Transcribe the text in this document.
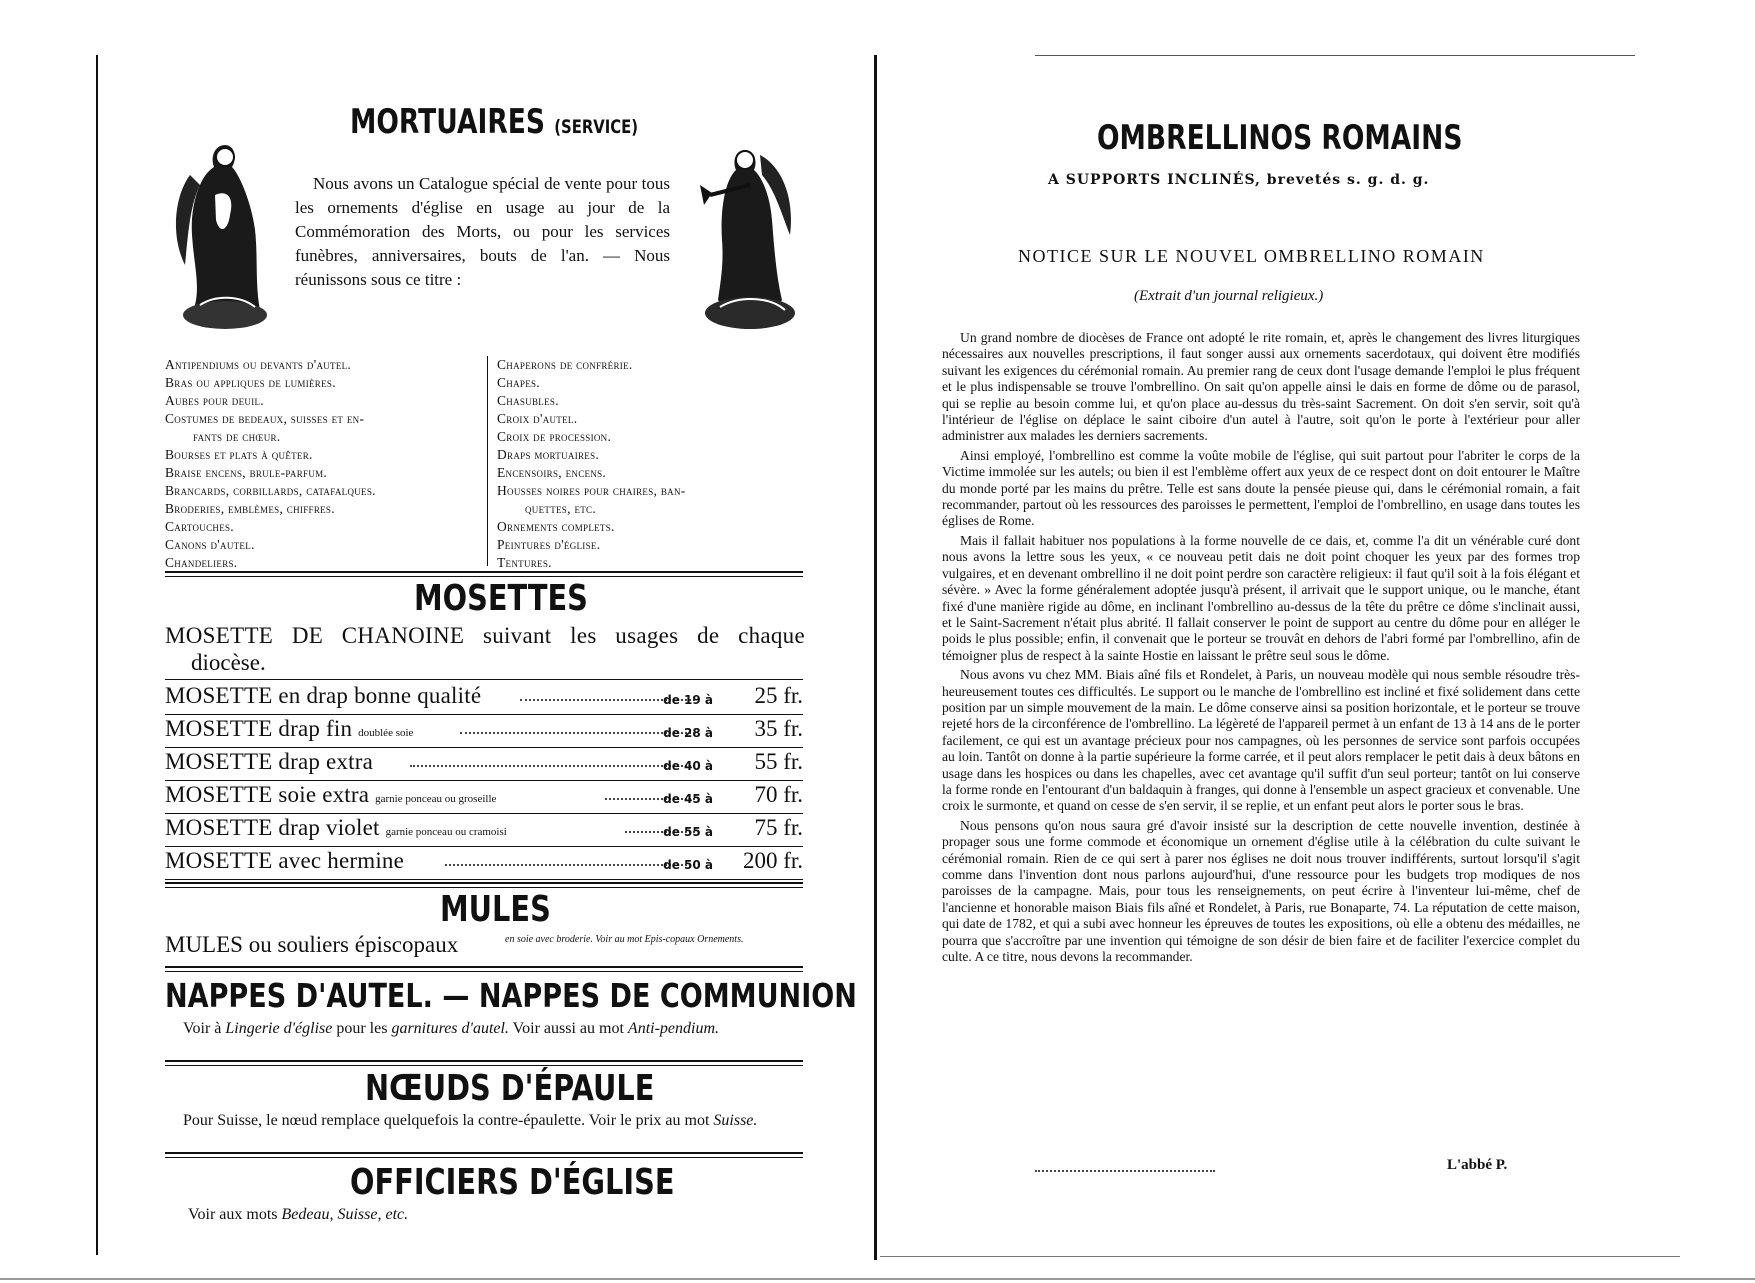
MORTUAIRES (SERVICE)

Nous avons un Catalogue spécial de vente pour tous les ornements d'église en usage au jour de la Commémoration des Morts, ou pour les services funèbres, anniversaires, bouts de l'an. — Nous réunissons sous ce titre :

Antipendiums ou devants d'autel.
Bras ou appliques de lumières.
Aubes pour deuil.
Costumes de bedeaux, suisses et en-
fants de chœur.
Bourses et plats à quêter.
Braise encens, brule-parfum.
Brancards, corbillards, catafalques.
Broderies, emblèmes, chiffres.
Cartouches.
Canons d'autel.
Chandeliers.
Chaperons de confrérie.
Chapes.
Chasubles.
Croix d'autel.
Croix de procession.
Draps mortuaires.
Encensoirs, encens.
Housses noires pour chaires, ban-
quettes, etc.
Ornements complets.
Peintures d'église.
Tentures.
MOSETTES
MOSETTE DE CHANOINE suivant les usages de chaque
diocèse.
MOSETTE en drap bonne qualité	de 19 à 25 fr.
MOSETTE drap fin doublée soie	de 28 à 35 fr.
MOSETTE drap extra	de 40 à 55 fr.
MOSETTE soie extra garnie ponceau ou groseille	de 45 à 70 fr.
MOSETTE drap violet garnie ponceau ou cramoisi	de 55 à 75 fr.
MOSETTE avec hermine	de 50 à 200 fr.
MULES
MULES ou souliers épiscopaux	en soie avec broderie. Voir au mot Epis-copaux Ornements.
NAPPES D'AUTEL. — NAPPES DE COMMUNION
Voir à Lingerie d'église pour les garnitures d'autel. Voir aussi au mot Anti-pendium.
NŒUDS D'ÉPAULE
Pour Suisse, le nœud remplace quelquefois la contre-épaulette. Voir le prix au mot Suisse.
OFFICIERS D'ÉGLISE
Voir aux mots Bedeau, Suisse, etc.
OMBRELLINOS ROMAINS
A SUPPORTS INCLINÉS, brevetés s. g. d. g.
NOTICE SUR LE NOUVEL OMBRELLINO ROMAIN
(Extrait d'un journal religieux.)

Un grand nombre de diocèses de France ont adopté le rite romain, et, après le changement des livres liturgiques nécessaires aux nouvelles prescriptions, il faut songer aussi aux ornements sacerdotaux, qui doivent être modifiés suivant les exigences du cérémonial romain. Au premier rang de ceux dont l'usage demande l'emploi le plus fréquent et le plus indispensable se trouve l'ombrellino. On sait qu'on appelle ainsi le dais en forme de dôme ou de parasol, qui se replie au besoin comme lui, et qu'on place au-dessus du très-saint Sacrement. On doit s'en servir, soit qu'à l'intérieur de l'église on déplace le saint ciboire d'un autel à l'autre, soit qu'on le porte à l'extérieur pour aller administrer aux malades les derniers sacrements.

Ainsi employé, l'ombrellino est comme la voûte mobile de l'église, qui suit partout pour l'abriter le corps de la Victime immolée sur les autels; ou bien il est l'emblème offert aux yeux de ce respect dont on doit entourer le Maître du monde porté par les mains du prêtre. Telle est sans doute la pensée pieuse qui, dans le cérémonial romain, a fait recommander, partout où les ressources des paroisses le permettent, l'emploi de l'ombrellino, en usage dans toutes les églises de Rome.

Mais il fallait habituer nos populations à la forme nouvelle de ce dais, et, comme l'a dit un vénérable curé dont nous avons la lettre sous les yeux, « ce nouveau petit dais ne doit point choquer les yeux par des formes trop vulgaires, et en devenant ombrellino il ne doit point perdre son caractère religieux: il faut qu'il soit à la fois élégant et sévère. » Avec la forme généralement adoptée jusqu'à présent, il arrivait que le support unique, ou le manche, étant fixé d'une manière rigide au dôme, en inclinant l'ombrellino au-dessus de la tête du prêtre ce dôme s'inclinait aussi, et le Saint-Sacrement n'était plus abrité. Il fallait conserver le point de support au centre du dôme pour en alléger le poids le plus possible; enfin, il convenait que le porteur se trouvât en dehors de l'abri formé par l'ombrellino, afin de témoigner plus de respect à la sainte Hostie en laissant le prêtre seul sous le dôme.

Nous avons vu chez MM. Biais aîné fils et Rondelet, à Paris, un nouveau modèle qui nous semble résoudre très-heureusement toutes ces difficultés. Le support ou le manche de l'ombrellino est incliné et fixé solidement dans cette position par un simple mouvement de la main. Le dôme conserve ainsi sa position horizontale, et le porteur se trouve rejeté hors de la circonférence de l'ombrellino. La légèreté de l'appareil permet à un enfant de 13 à 14 ans de le porter facilement, ce qui est un avantage précieux pour nos campagnes, où les personnes de service sont parfois occupées au loin. Tantôt on donne à la partie supérieure la forme carrée, et il peut alors remplacer le petit dais à deux bâtons en usage dans les hospices ou dans les chapelles, avec cet avantage qu'il suffit d'un seul porteur; tantôt on lui conserve la forme ronde en l'entourant d'un baldaquin à franges, qui donne à l'ensemble un aspect gracieux et convenable. Une croix le surmonte, et quand on cesse de s'en servir, il se replie, et un enfant peut alors le porter sous le bras.

Nous pensons qu'on nous saura gré d'avoir insisté sur la description de cette nouvelle invention, destinée à propager sous une forme commode et économique un ornement d'église utile à la célébration du culte suivant le cérémonial romain. Rien de ce qui sert à parer nos églises ne doit nous trouver indifférents, surtout lorsqu'il s'agit comme dans l'invention dont nous parlons aujourd'hui, d'une ressource pour les budgets trop modiques de nos paroisses de la campagne. Mais, pour tous les renseignements, on peut écrire à l'inventeur lui-même, chef de l'ancienne et honorable maison Biais fils aîné et Rondelet, à Paris, rue Bonaparte, 74. La réputation de cette maison, qui date de 1782, et qui a subi avec honneur les épreuves de toutes les expositions, où elle a obtenu des médailles, ne pourra que s'accroître par une invention qui témoigne de son désir de bien faire et de faciliter l'exercice complet du culte. A ce titre, nous devons la recommander.

L'abbé P.
